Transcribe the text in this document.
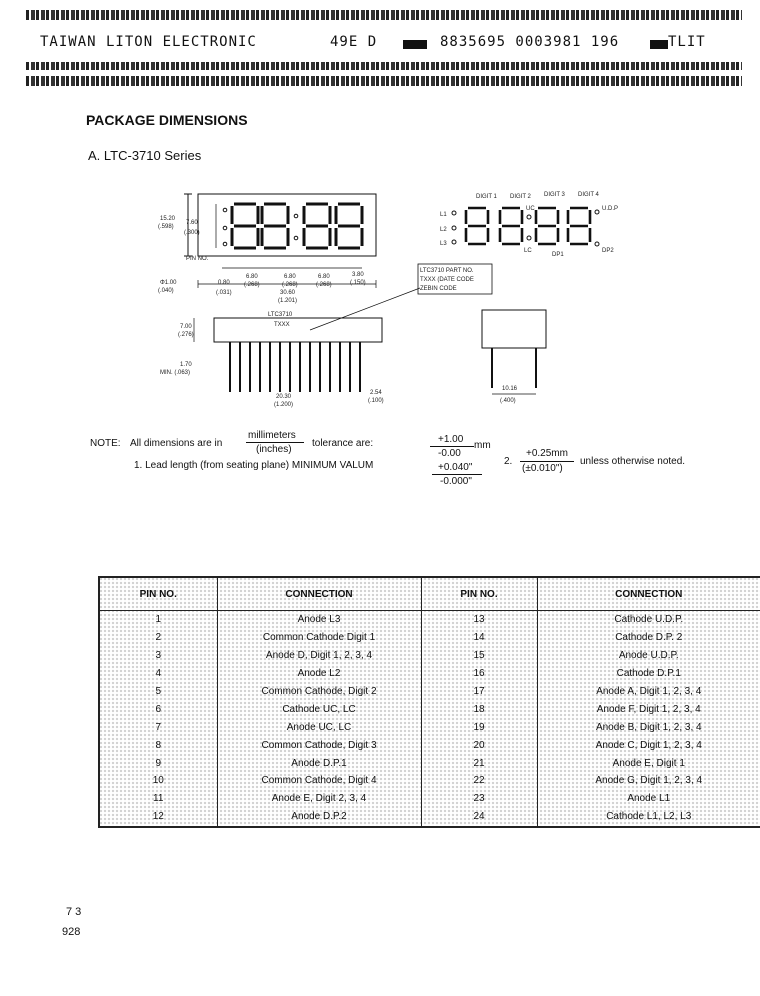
TAIWAN LITON ELECTRONIC	49E D	8835695 0003981 196	TLIT
PACKAGE DIMENSIONS
A. LTC-3710 Series
15.20
(.598)
7.60
(.300)
PIN NO.
0.80
(.031)
Φ1.00
(.040)
6.80
(.268)
6.80
(.268)
6.80
(.268)
3.80
(.150)
30.60
(1.201)
LTC3710
TXXX
7.00
(.276)
1.70
MIN. (.063)
20.30
(1.200)
2.54
(.100)
LTC3710 PART NO.
TXXX (DATE CODE
ZEBIN CODE
10.16
(.400)
DIGIT 1 DIGIT 2 DIGIT 3 DIGIT 4
L1
L2
L3
UC
LC
U.D.P
DP1
DP2
NOTE: All dimensions are in
millimeters
(inches)
tolerance are:	+1.00
-0.00
mm
1. Lead length (from seating plane) MINIMUM VALUM	+0.040"
-0.000"
2.
+0.25mm
(±0.010")
unless otherwise noted.
PIN NO.	CONNECTION	PIN NO.	CONNECTION
1	Anode L3	13	Cathode U.D.P.
2	Common Cathode Digit 1	14	Cathode D.P. 2
3	Anode D, Digit 1, 2, 3, 4	15	Anode U.D.P.
4	Anode L2	16	Cathode D.P.1
5	Common Cathode, Digit 2	17	Anode A, Digit 1, 2, 3, 4
6	Cathode UC, LC	18	Anode F, Digit 1, 2, 3, 4
7	Anode UC, LC	19	Anode B, Digit 1, 2, 3, 4
8	Common Cathode, Digit 3	20	Anode C, Digit 1, 2, 3, 4
9	Anode D.P.1	21	Anode E, Digit 1
10	Common Cathode, Digit 4	22	Anode G, Digit 1, 2, 3, 4
11	Anode E, Digit 2, 3, 4	23	Anode L1
12	Anode D.P.2	24	Cathode L1, L2, L3
7 3
928
